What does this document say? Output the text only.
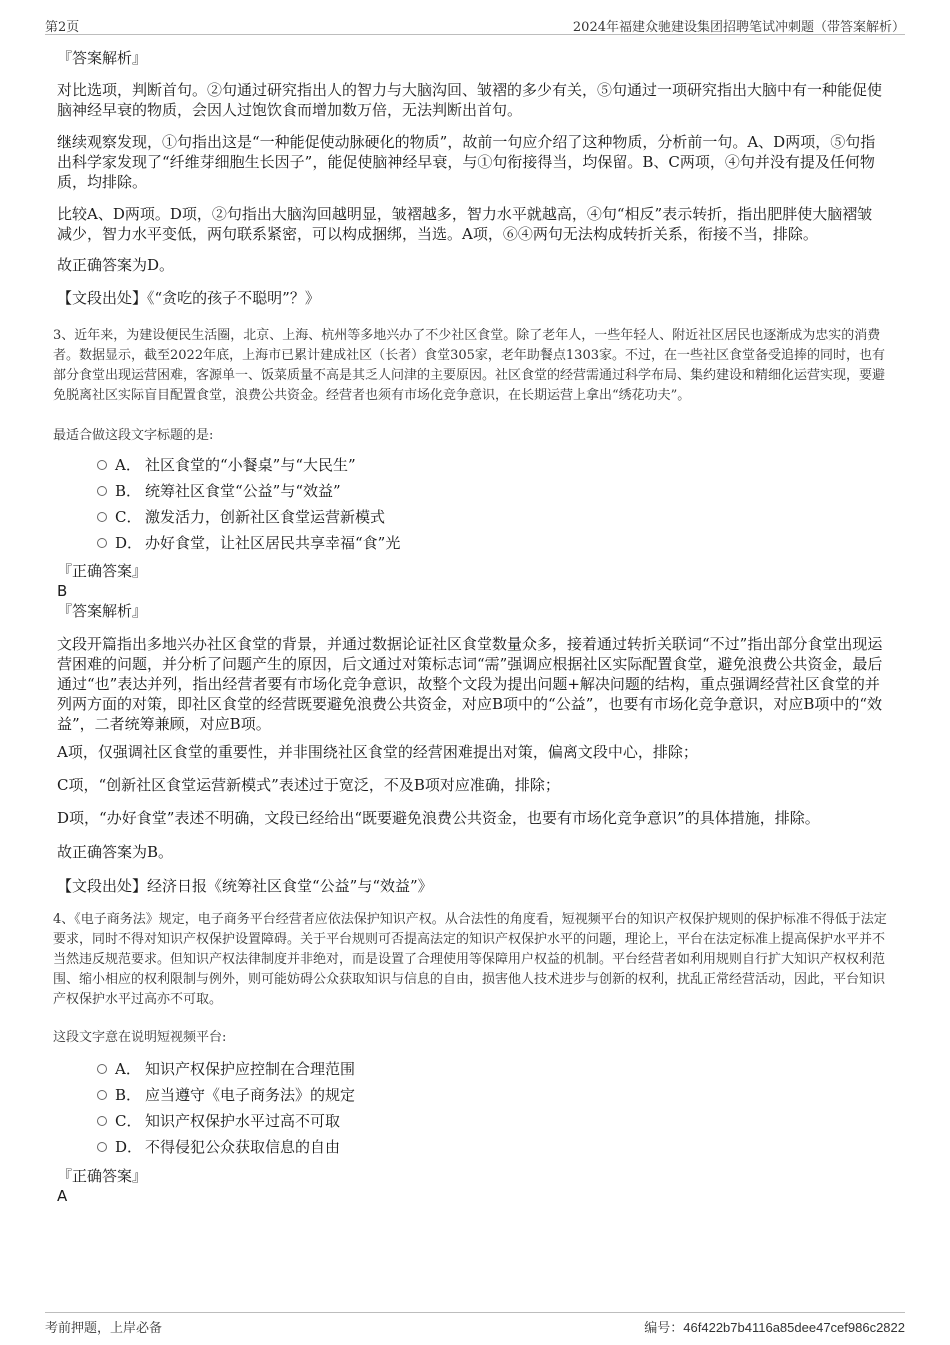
第2页	2024年福建众驰建设集团招聘笔试冲刺题（带答案解析）

『答案解析』

对比选项，判断首句。②句通过研究指出人的智力与大脑沟回、皱褶的多少有关，⑤句通过一项研究指出大脑中有一种能促使脑神经早衰的物质，会因人过饱饮食而增加数万倍，无法判断出首句。

继续观察发现，①句指出这是“一种能促使动脉硬化的物质”，故前一句应介绍了这种物质，分析前一句。A、D两项，⑤句指出科学家发现了“纤维芽细胞生长因子”，能促使脑神经早衰，与①句衔接得当，均保留。B、C两项，④句并没有提及任何物质，均排除。

比较A、D两项。D项，②句指出大脑沟回越明显，皱褶越多，智力水平就越高，④句“相反”表示转折，指出肥胖使大脑褶皱减少，智力水平变低，两句联系紧密，可以构成捆绑，当选。A项，⑥④两句无法构成转折关系，衔接不当，排除。

故正确答案为D。

【文段出处】《“贪吃的孩子不聪明”？》

3、近年来，为建设便民生活圈，北京、上海、杭州等多地兴办了不少社区食堂。除了老年人，一些年轻人、附近社区居民也逐渐成为忠实的消费者。数据显示，截至2022年底，上海市已累计建成社区（长者）食堂305家，老年助餐点1303家。不过，在一些社区食堂备受追捧的同时，也有部分食堂出现运营困难，客源单一、饭菜质量不高是其乏人问津的主要原因。社区食堂的经营需通过科学布局、集约建设和精细化运营实现，要避免脱离社区实际盲目配置食堂，浪费公共资金。经营者也须有市场化竞争意识，在长期运营上拿出“绣花功夫”。

最适合做这段文字标题的是:

A． 社区食堂的“小餐桌”与“大民生”
B． 统筹社区食堂“公益”与“效益”
C． 激发活力，创新社区食堂运营新模式
D． 办好食堂，让社区居民共享幸福“食”光

『正确答案』

B

『答案解析』

文段开篇指出多地兴办社区食堂的背景，并通过数据论证社区食堂数量众多，接着通过转折关联词“不过”指出部分食堂出现运营困难的问题，并分析了问题产生的原因，后文通过对策标志词“需”强调应根据社区实际配置食堂，避免浪费公共资金，最后通过“也”表达并列，指出经营者要有市场化竞争意识，故整个文段为提出问题+解决问题的结构，重点强调经营社区食堂的并列两方面的对策，即社区食堂的经营既要避免浪费公共资金，对应B项中的“公益”，也要有市场化竞争意识，对应B项中的“效益”，二者统筹兼顾，对应B项。

A项，仅强调社区食堂的重要性，并非围绕社区食堂的经营困难提出对策，偏离文段中心，排除；

C项，“创新社区食堂运营新模式”表述过于宽泛，不及B项对应准确，排除；

D项，“办好食堂”表述不明确，文段已经给出“既要避免浪费公共资金，也要有市场化竞争意识”的具体措施，排除。

故正确答案为B。

【文段出处】经济日报《统筹社区食堂“公益”与“效益”》

4、《电子商务法》规定，电子商务平台经营者应依法保护知识产权。从合法性的角度看，短视频平台的知识产权保护规则的保护标准不得低于法定要求，同时不得对知识产权保护设置障碍。关于平台规则可否提高法定的知识产权保护水平的问题，理论上，平台在法定标准上提高保护水平并不当然违反规范要求。但知识产权法律制度并非绝对，而是设置了合理使用等保障用户权益的机制。平台经营者如利用规则自行扩大知识产权权利范围、缩小相应的权利限制与例外，则可能妨碍公众获取知识与信息的自由，损害他人技术进步与创新的权利，扰乱正常经营活动，因此，平台知识产权保护水平过高亦不可取。

这段文字意在说明短视频平台:

A． 知识产权保护应控制在合理范围
B． 应当遵守《电子商务法》的规定
C． 知识产权保护水平过高不可取
D． 不得侵犯公众获取信息的自由

『正确答案』

A

考前押题，上岸必备	编号：46f422b7b4116a85dee47cef986c2822
